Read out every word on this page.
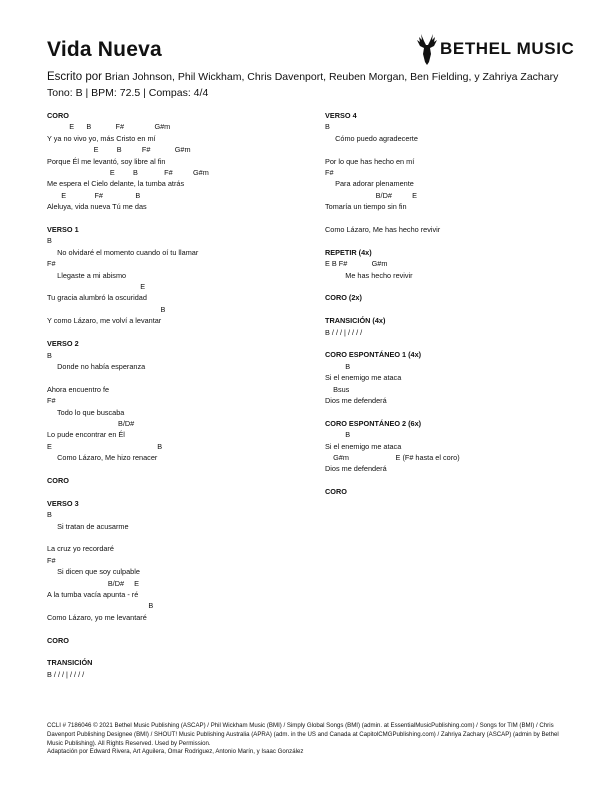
Vida Nueva	BETHEL MUSIC
Escrito por Brian Johnson, Phil Wickham, Chris Davenport, Reuben Morgan, Ben Fielding, y Zahriya Zachary
Tono: B | BPM: 72.5 | Compas: 4/4
CORO
E      B            F#               G#m
Y ya no vivo yo, más Cristo en mí
E         B          F#            G#m
Porque Él me levantó, soy libre al fin
E         B             F#          G#m
Me espera el Cielo delante, la tumba atrás
E              F#                B
Aleluya, vida nueva Tú me das
VERSO 1
B
No olvidaré el momento cuando oí tu llamar
F#
Llegaste a mi abismo
E
Tu gracia alumbró la oscuridad
B
Y como Lázaro, me volví a levantar
VERSO 2
B
Donde no había esperanza
Ahora encuentro fe
F#
Todo lo que buscaba
B/D#
Lo pude encontrar en Él
E                                                    B
Como Lázaro, Me hizo renacer
CORO
VERSO 3
B
Si tratan de acusarme
La cruz yo recordaré
F#
Si dicen que soy culpable
B/D#     E
A la tumba vacía apunta - ré
B
Como Lázaro, yo me levantaré
CORO
TRANSICIÓN
B / / / | / / / /
VERSO 4
B
Cómo puedo agradecerte
Por lo que has hecho en mí
F#
Para adorar plenamente
B/D#          E
Tomaría un tiempo sin fin
Como Lázaro, Me has hecho revivir
REPETIR (4x)
E B F#            G#m
Me has hecho revivir
CORO (2x)
TRANSICIÓN (4x)
B / / / | / / / /
CORO ESPONTÁNEO 1 (4x)
B
Si el enemigo me ataca
Bsus
Dios me defenderá
CORO ESPONTÁNEO 2 (6x)
B
Si el enemigo me ataca
G#m                       E (F# hasta el coro)
Dios me defenderá
CORO
CCLI # 7186046 © 2021 Bethel Music Publishing (ASCAP) / Phil Wickham Music (BMI) / Simply Global Songs (BMI) (admin. at EssentialMusicPublishing.com) / Songs for TIM (BMI) / Chris Davenport Publishing Designee (BMI) / SHOUT! Music Publishing Australia (APRA) (adm. in the US and Canada at CapitolCMGPublishing.com) / Zahriya Zachary (ASCAP) (admin by Bethel Music Publishing). All Rights Reserved. Used by Permission.
Adaptación por Edward Rivera, Art Aguilera, Omar Rodriguez, Antonio Marín, y Isaac González
